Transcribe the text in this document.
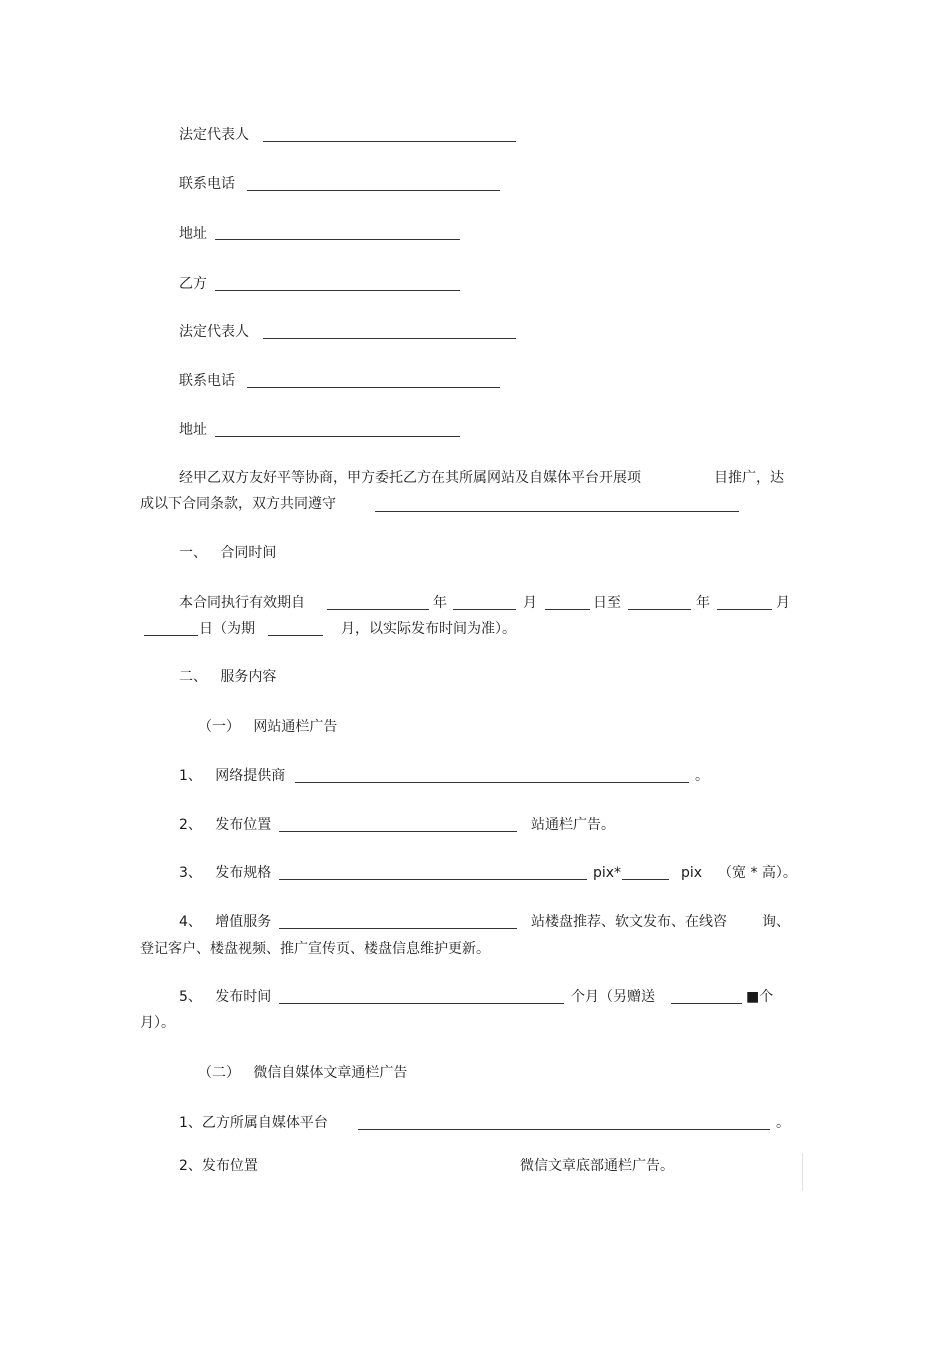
法定代表人
联系电话
地址
乙方
法定代表人
联系电话
地址
经甲乙双方友好平等协商，甲方委托乙方在其所属网站及自媒体平台开展项	目推广，达
成以下合同条款，双方共同遵守
一、   合同时间
本合同执行有效期自	年	月	日至	年	月
日（为期	月，以实际发布时间为准）。
二、   服务内容
（一）   网站通栏广告
1、   网络提供商	。
2、   发布位置	站通栏广告。
3、   发布规格	pix*	pix （宽 * 高）。
4、   增值服务	站楼盘推荐、软文发布、在线咨	询、
登记客户、楼盘视频、推广宣传页、楼盘信息维护更新。
5、   发布时间	个月（另赠送	■个
月）。
（二）   微信自媒体文章通栏广告
1、乙方所属自媒体平台	。
2、发布位置	微信文章底部通栏广告。
